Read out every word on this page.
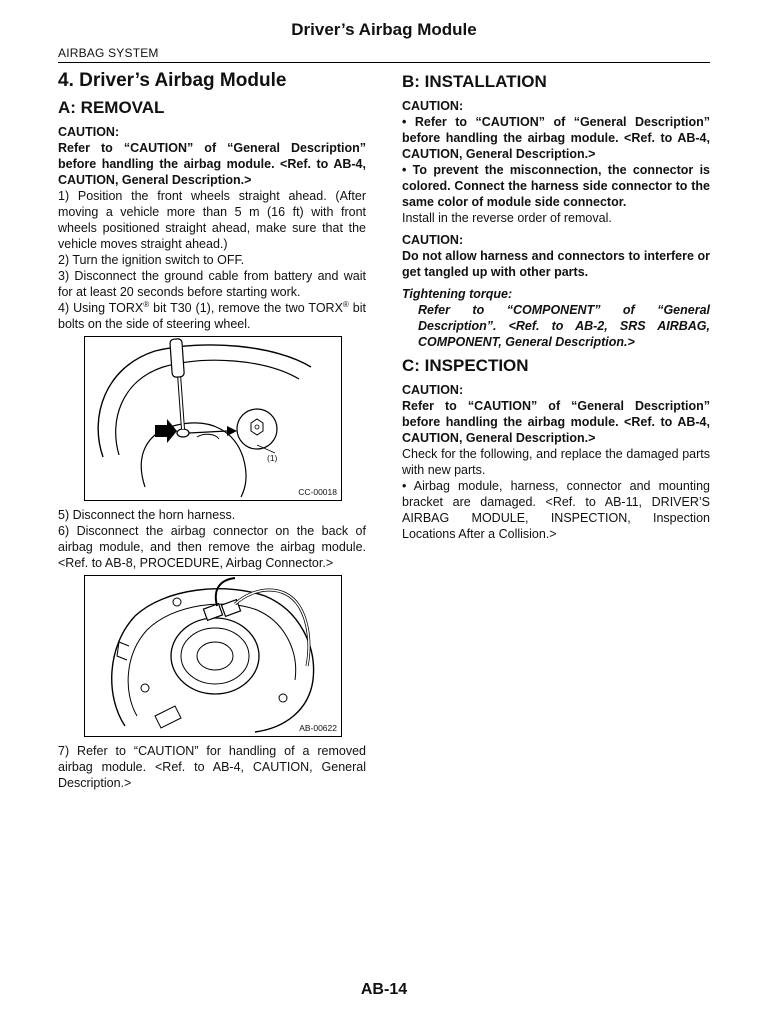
Driver’s Airbag Module
AIRBAG SYSTEM
4. Driver’s Airbag Module
A: REMOVAL
CAUTION:

Refer to “CAUTION” of “General Description” before handling the airbag module. <Ref. to AB-4, CAUTION, General Description.>

1) Position the front wheels straight ahead. (After moving a vehicle more than 5 m (16 ft) with front wheels positioned straight ahead, make sure that the vehicle moves straight ahead.)

2) Turn the ignition switch to OFF.

3) Disconnect the ground cable from battery and wait for at least 20 seconds before starting work.

4) Using TORX® bit T30 (1), remove the two TORX® bit bolts on the side of steering wheel.

(1)
CC-00018

5) Disconnect the horn harness.

6) Disconnect the airbag connector on the back of airbag module, and then remove the airbag module. <Ref. to AB-8, PROCEDURE, Airbag Connector.>

AB-00622

7) Refer to “CAUTION” for handling of a removed airbag module. <Ref. to AB-4, CAUTION, General Description.>

B: INSTALLATION
CAUTION:

• Refer to “CAUTION” of “General Description” before handling the airbag module. <Ref. to AB-4, CAUTION, General Description.>

• To prevent the misconnection, the connector is colored. Connect the harness side connector to the same color of module side connector.

Install in the reverse order of removal.

CAUTION:

Do not allow harness and connectors to interfere or get tangled up with other parts.

Tightening torque:
Refer to “COMPONENT” of “General Description”. <Ref. to AB-2, SRS AIRBAG, COMPONENT, General Description.>
C: INSPECTION
CAUTION:

Refer to “CAUTION” of “General Description” before handling the airbag module. <Ref. to AB-4, CAUTION, General Description.>

Check for the following, and replace the damaged parts with new parts.

• Airbag module, harness, connector and mounting bracket are damaged. <Ref. to AB-11, DRIVER’S AIRBAG MODULE, INSPECTION, Inspection Locations After a Collision.>

AB-14
